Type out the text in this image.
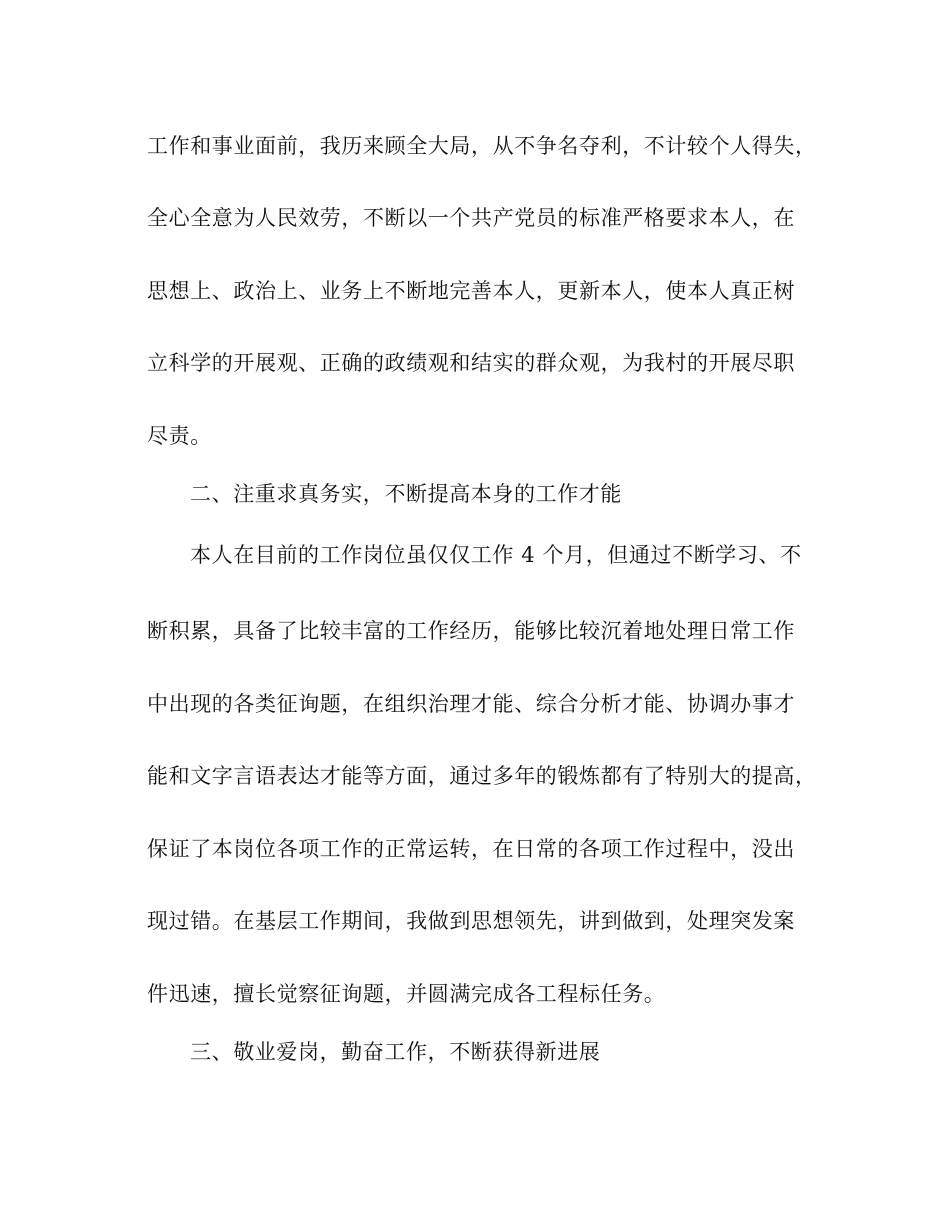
工作和事业面前，我历来顾全大局，从不争名夺利，不计较个人得失，
全心全意为人民效劳，不断以一个共产党员的标准严格要求本人，在
思想上、政治上、业务上不断地完善本人，更新本人，使本人真正树
立科学的开展观、正确的政绩观和结实的群众观，为我村的开展尽职
尽责。
二、注重求真务实，不断提高本身的工作才能
本人在目前的工作岗位虽仅仅工作 4 个月，但通过不断学习、不
断积累，具备了比较丰富的工作经历，能够比较沉着地处理日常工作
中出现的各类征询题，在组织治理才能、综合分析才能、协调办事才
能和文字言语表达才能等方面，通过多年的锻炼都有了特别大的提高，
保证了本岗位各项工作的正常运转，在日常的各项工作过程中，没出
现过错。在基层工作期间，我做到思想领先，讲到做到，处理突发案
件迅速，擅长觉察征询题，并圆满完成各工程标任务。
三、敬业爱岗，勤奋工作，不断获得新进展
